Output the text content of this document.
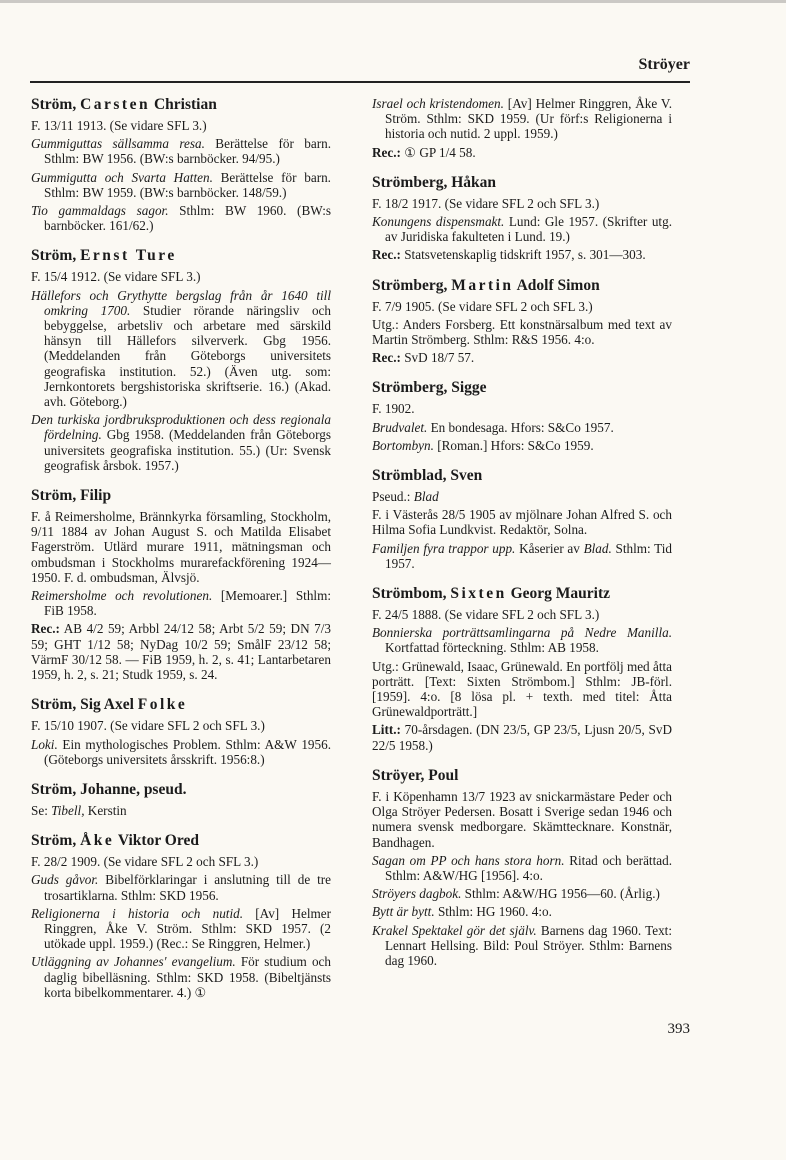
Ströyer
Ström, Carsten Christian

F. 13/11 1913. (Se vidare SFL 3.)

Gummiguttas sällsamma resa. Berättelse för barn. Sthlm: BW 1956. (BW:s barnböcker. 94/95.)

Gummigutta och Svarta Hatten. Berättelse för barn. Sthlm: BW 1959. (BW:s barnböcker. 148/59.)

Tio gammaldags sagor. Sthlm: BW 1960. (BW:s barnböcker. 161/62.)

Ström, Ernst Ture

F. 15/4 1912. (Se vidare SFL 3.)

Hällefors och Grythytte bergslag från år 1640 till omkring 1700. Studier rörande näringsliv och bebyggelse, arbetsliv och arbetare med särskild hänsyn till Hällefors silververk. Gbg 1956. (Meddelanden från Göteborgs universitets geografiska institution. 52.) (Även utg. som: Jernkontorets bergshistoriska skriftserie. 16.) (Akad. avh. Göteborg.)

Den turkiska jordbruksproduktionen och dess regionala fördelning. Gbg 1958. (Meddelanden från Göteborgs universitets geografiska institution. 55.) (Ur: Svensk geografisk årsbok. 1957.)

Ström, Filip

F. å Reimersholme, Brännkyrka församling, Stockholm, 9/11 1884 av Johan August S. och Matilda Elisabet Fagerström. Utlärd murare 1911, mätningsman och ombudsman i Stockholms murarefackförening 1924—1950. F. d. ombudsman, Älvsjö.

Reimersholme och revolutionen. [Memoarer.] Sthlm: FiB 1958.

Rec.: AB 4/2 59; Arbbl 24/12 58; Arbt 5/2 59; DN 7/3 59; GHT 1/12 58; NyDag 10/2 59; SmålF 23/12 58; VärmF 30/12 58. — FiB 1959, h. 2, s. 41; Lantarbetaren 1959, h. 2, s. 21; Studk 1959, s. 24.

Ström, Sig Axel Folke

F. 15/10 1907. (Se vidare SFL 2 och SFL 3.)

Loki. Ein mythologisches Problem. Sthlm: A&W 1956. (Göteborgs universitets årsskrift. 1956:8.)

Ström, Johanne, pseud.

Se: Tibell, Kerstin

Ström, Åke Viktor Ored

F. 28/2 1909. (Se vidare SFL 2 och SFL 3.)

Guds gåvor. Bibelförklaringar i anslutning till de tre trosartiklarna. Sthlm: SKD 1956.

Religionerna i historia och nutid. [Av] Helmer Ringgren, Åke V. Ström. Sthlm: SKD 1957. (2 utökade uppl. 1959.) (Rec.: Se Ringgren, Helmer.)

Utläggning av Johannes' evangelium. För studium och daglig bibelläsning. Sthlm: SKD 1958. (Bibeltjänsts korta bibelkommentarer. 4.) ①

Israel och kristendomen. [Av] Helmer Ringgren, Åke V. Ström. Sthlm: SKD 1959. (Ur förf:s Religionerna i historia och nutid. 2 uppl. 1959.)

Rec.: ① GP 1/4 58.

Strömberg, Håkan

F. 18/2 1917. (Se vidare SFL 2 och SFL 3.)

Konungens dispensmakt. Lund: Gle 1957. (Skrifter utg. av Juridiska fakulteten i Lund. 19.)

Rec.: Statsvetenskaplig tidskrift 1957, s. 301—303.

Strömberg, Martin Adolf Simon

F. 7/9 1905. (Se vidare SFL 2 och SFL 3.)

Utg.: Anders Forsberg. Ett konstnärsalbum med text av Martin Strömberg. Sthlm: R&S 1956. 4:o.

Rec.: SvD 18/7 57.

Strömberg, Sigge

F. 1902.

Brudvalet. En bondesaga. Hfors: S&Co 1957.

Bortombyn. [Roman.] Hfors: S&Co 1959.

Strömblad, Sven

Pseud.: Blad

F. i Västerås 28/5 1905 av mjölnare Johan Alfred S. och Hilma Sofia Lundkvist. Redaktör, Solna.

Familjen fyra trappor upp. Kåserier av Blad. Sthlm: Tid 1957.

Strömbom, Sixten Georg Mauritz

F. 24/5 1888. (Se vidare SFL 2 och SFL 3.)

Bonnierska porträttsamlingarna på Nedre Manilla. Kortfattad förteckning. Sthlm: AB 1958.

Utg.: Grünewald, Isaac, Grünewald. En portfölj med åtta porträtt. [Text: Sixten Strömbom.] Sthlm: JB-förl. [1959]. 4:o. [8 lösa pl. + texth. med titel: Åtta Grünewaldporträtt.]

Litt.: 70-årsdagen. (DN 23/5, GP 23/5, Ljusn 20/5, SvD 22/5 1958.)

Ströyer, Poul

F. i Köpenhamn 13/7 1923 av snickarmästare Peder och Olga Ströyer Pedersen. Bosatt i Sverige sedan 1946 och numera svensk medborgare. Skämttecknare. Konstnär, Bandhagen.

Sagan om PP och hans stora horn. Ritad och berättad. Sthlm: A&W/HG [1956]. 4:o.

Ströyers dagbok. Sthlm: A&W/HG 1956—60. (Årlig.)

Bytt är bytt. Sthlm: HG 1960. 4:o.

Krakel Spektakel gör det själv. Barnens dag 1960. Text: Lennart Hellsing. Bild: Poul Ströyer. Sthlm: Barnens dag 1960.

393
